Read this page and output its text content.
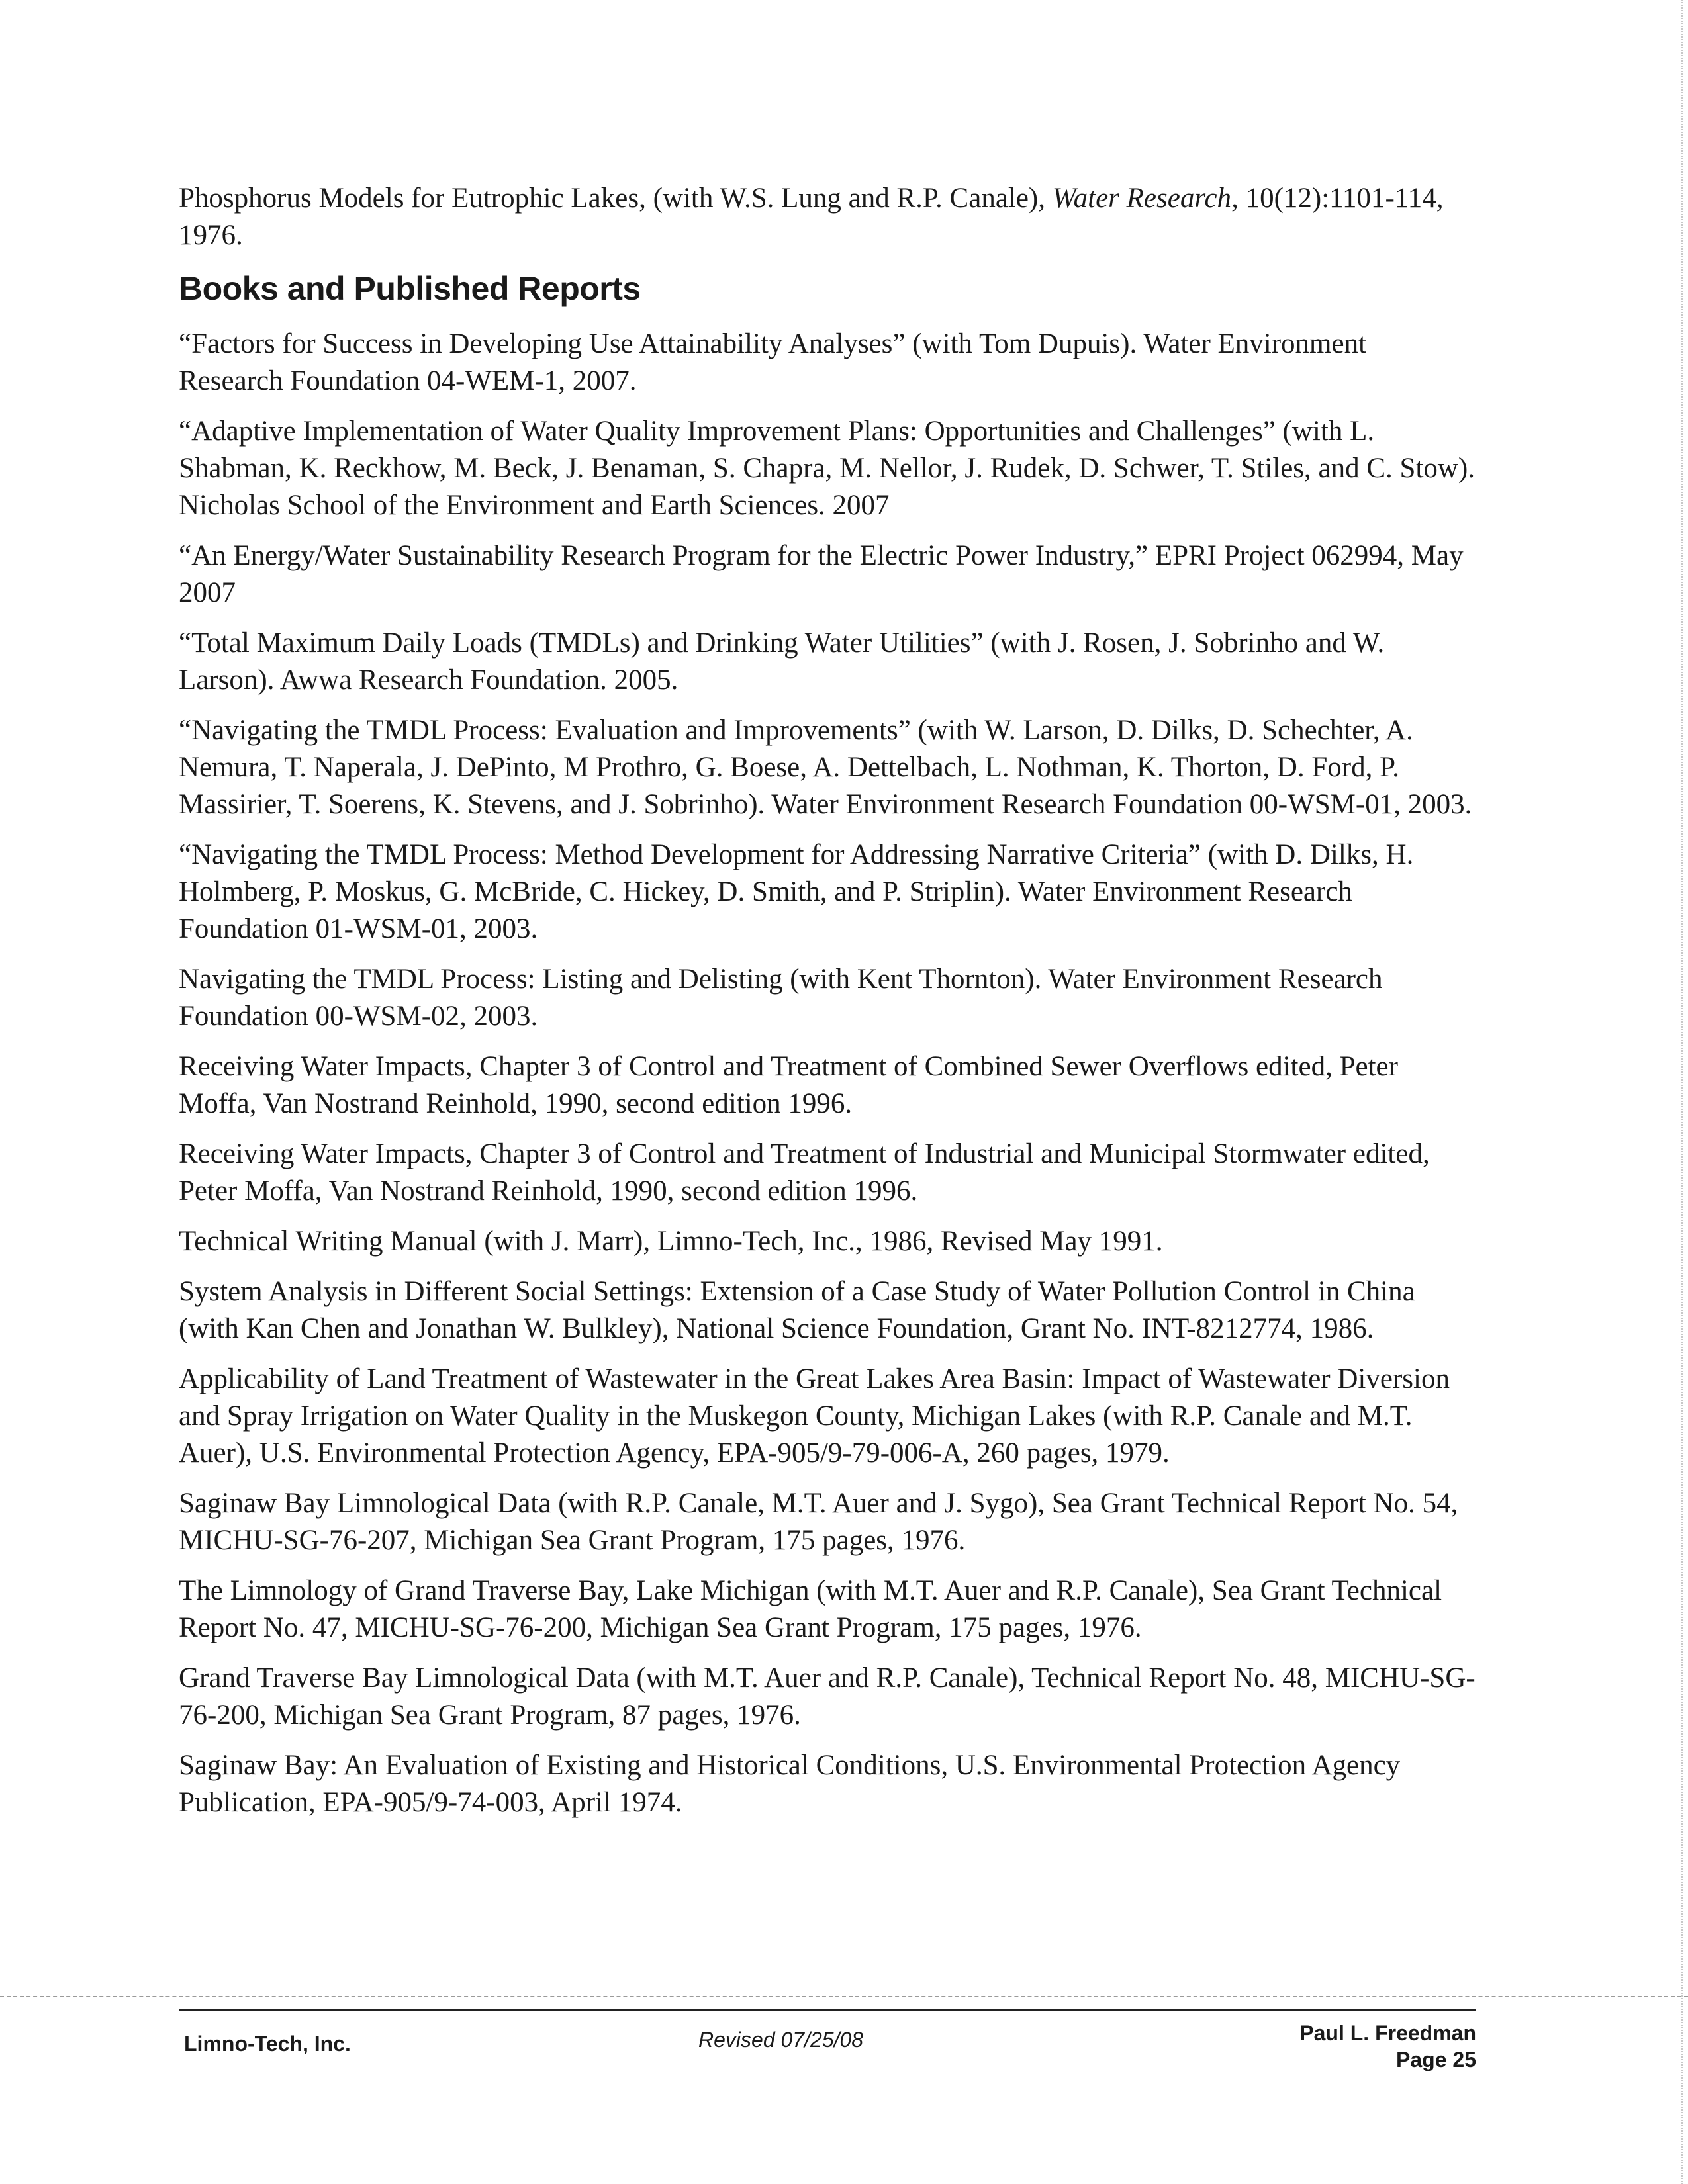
Phosphorus Models for Eutrophic Lakes, (with W.S. Lung and R.P. Canale), Water Research, 10(12):1101-114, 1976.

Books and Published Reports

“Factors for Success in Developing Use Attainability Analyses” (with Tom Dupuis). Water Environment Research Foundation 04-WEM-1, 2007.

“Adaptive Implementation of Water Quality Improvement Plans: Opportunities and Challenges” (with L. Shabman, K. Reckhow, M. Beck, J. Benaman, S. Chapra, M. Nellor, J. Rudek, D. Schwer, T. Stiles, and C. Stow). Nicholas School of the Environment and Earth Sciences. 2007

“An Energy/Water Sustainability Research Program for the Electric Power Industry,” EPRI Project 062994, May 2007

“Total Maximum Daily Loads (TMDLs) and Drinking Water Utilities” (with J. Rosen, J. Sobrinho and W. Larson). Awwa Research Foundation. 2005.

“Navigating the TMDL Process: Evaluation and Improvements” (with W. Larson, D. Dilks, D. Schechter, A. Nemura, T. Naperala, J. DePinto, M Prothro, G. Boese, A. Dettelbach, L. Nothman, K. Thorton, D. Ford, P. Massirier, T. Soerens, K. Stevens, and J. Sobrinho). Water Environment Research Foundation 00-WSM-01, 2003.

“Navigating the TMDL Process: Method Development for Addressing Narrative Criteria” (with D. Dilks, H. Holmberg, P. Moskus, G. McBride, C. Hickey, D. Smith, and P. Striplin). Water Environment Research Foundation 01-WSM-01, 2003.

Navigating the TMDL Process: Listing and Delisting (with Kent Thornton). Water Environment Research Foundation 00-WSM-02, 2003.

Receiving Water Impacts, Chapter 3 of Control and Treatment of Combined Sewer Overflows edited, Peter Moffa, Van Nostrand Reinhold, 1990, second edition 1996.

Receiving Water Impacts, Chapter 3 of Control and Treatment of Industrial and Municipal Stormwater edited, Peter Moffa, Van Nostrand Reinhold, 1990, second edition 1996.

Technical Writing Manual (with J. Marr), Limno-Tech, Inc., 1986, Revised May 1991.

System Analysis in Different Social Settings: Extension of a Case Study of Water Pollution Control in China (with Kan Chen and Jonathan W. Bulkley), National Science Foundation, Grant No. INT-8212774, 1986.

Applicability of Land Treatment of Wastewater in the Great Lakes Area Basin: Impact of Wastewater Diversion and Spray Irrigation on Water Quality in the Muskegon County, Michigan Lakes (with R.P. Canale and M.T. Auer), U.S. Environmental Protection Agency, EPA-905/9-79-006-A, 260 pages, 1979.

Saginaw Bay Limnological Data (with R.P. Canale, M.T. Auer and J. Sygo), Sea Grant Technical Report No. 54, MICHU-SG-76-207, Michigan Sea Grant Program, 175 pages, 1976.

The Limnology of Grand Traverse Bay, Lake Michigan (with M.T. Auer and R.P. Canale), Sea Grant Technical Report No. 47, MICHU-SG-76-200, Michigan Sea Grant Program, 175 pages, 1976.

Grand Traverse Bay Limnological Data (with M.T. Auer and R.P. Canale), Technical Report No. 48, MICHU-SG-76-200, Michigan Sea Grant Program, 87 pages, 1976.

Saginaw Bay: An Evaluation of Existing and Historical Conditions, U.S. Environmental Protection Agency Publication, EPA-905/9-74-003, April 1974.

Limno-Tech, Inc.	Revised 07/25/08	Paul L. Freedman
Page 25
